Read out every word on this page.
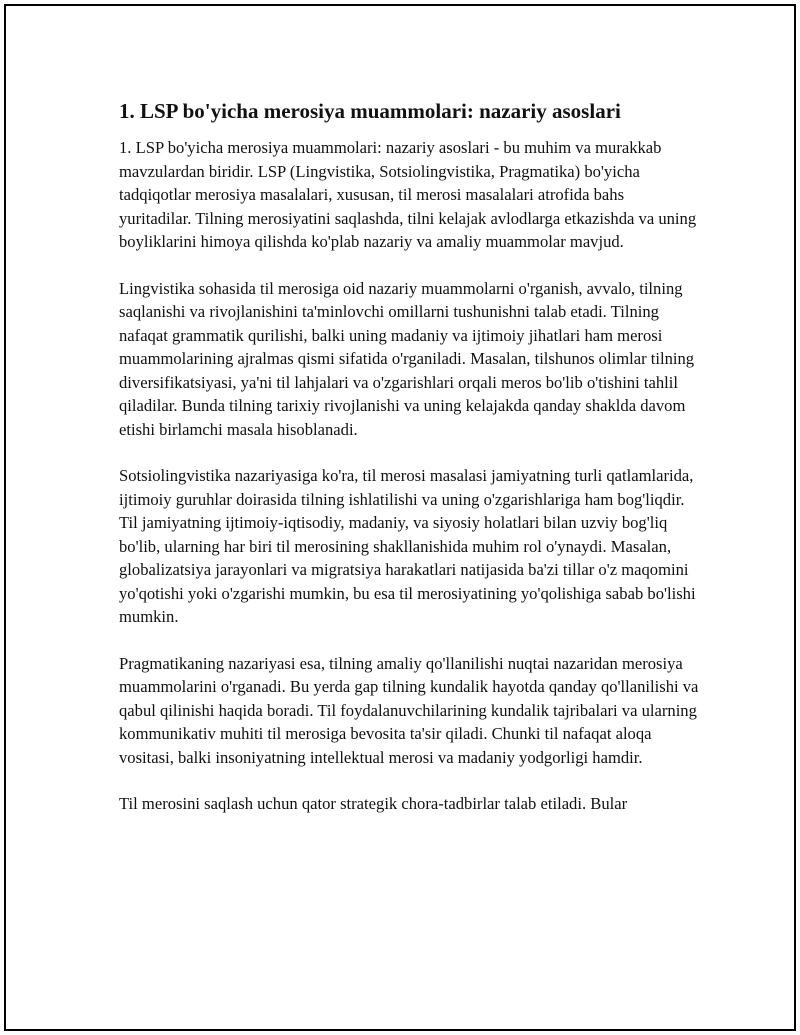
1. LSP bo'yicha merosiya muammolari: nazariy asoslari

1. LSP bo'yicha merosiya muammolari: nazariy asoslari - bu muhim va murakkab mavzulardan biridir. LSP (Lingvistika, Sotsiolingvistika, Pragmatika) bo'yicha tadqiqotlar merosiya masalalari, xususan, til merosi masalalari atrofida bahs yuritadilar. Tilning merosiyatini saqlashda, tilni kelajak avlodlarga etkazishda va uning boyliklarini himoya qilishda ko'plab nazariy va amaliy muammolar mavjud.

Lingvistika sohasida til merosiga oid nazariy muammolarni o'rganish, avvalo, tilning saqlanishi va rivojlanishini ta'minlovchi omillarni tushunishni talab etadi. Tilning nafaqat grammatik qurilishi, balki uning madaniy va ijtimoiy jihatlari ham merosi muammolarining ajralmas qismi sifatida o'rganiladi. Masalan, tilshunos olimlar tilning diversifikatsiyasi, ya'ni til lahjalari va o'zgarishlari orqali meros bo'lib o'tishini tahlil qiladilar. Bunda tilning tarixiy rivojlanishi va uning kelajakda qanday shaklda davom etishi birlamchi masala hisoblanadi.

Sotsiolingvistika nazariyasiga ko'ra, til merosi masalasi jamiyatning turli qatlamlarida, ijtimoiy guruhlar doirasida tilning ishlatilishi va uning o'zgarishlariga ham bog'liqdir. Til jamiyatning ijtimoiy-iqtisodiy, madaniy, va siyosiy holatlari bilan uzviy bog'liq bo'lib, ularning har biri til merosining shakllanishida muhim rol o'ynaydi. Masalan, globalizatsiya jarayonlari va migratsiya harakatlari natijasida ba'zi tillar o'z maqomini yo'qotishi yoki o'zgarishi mumkin, bu esa til merosiyatining yo'qolishiga sabab bo'lishi mumkin.

Pragmatikaning nazariyasi esa, tilning amaliy qo'llanilishi nuqtai nazaridan merosiya muammolarini o'rganadi. Bu yerda gap tilning kundalik hayotda qanday qo'llanilishi va qabul qilinishi haqida boradi. Til foydalanuvchilarining kundalik tajribalari va ularning kommunikativ muhiti til merosiga bevosita ta'sir qiladi. Chunki til nafaqat aloqa vositasi, balki insoniyatning intellektual merosi va madaniy yodgorligi hamdir.

Til merosini saqlash uchun qator strategik chora-tadbirlar talab etiladi. Bular
